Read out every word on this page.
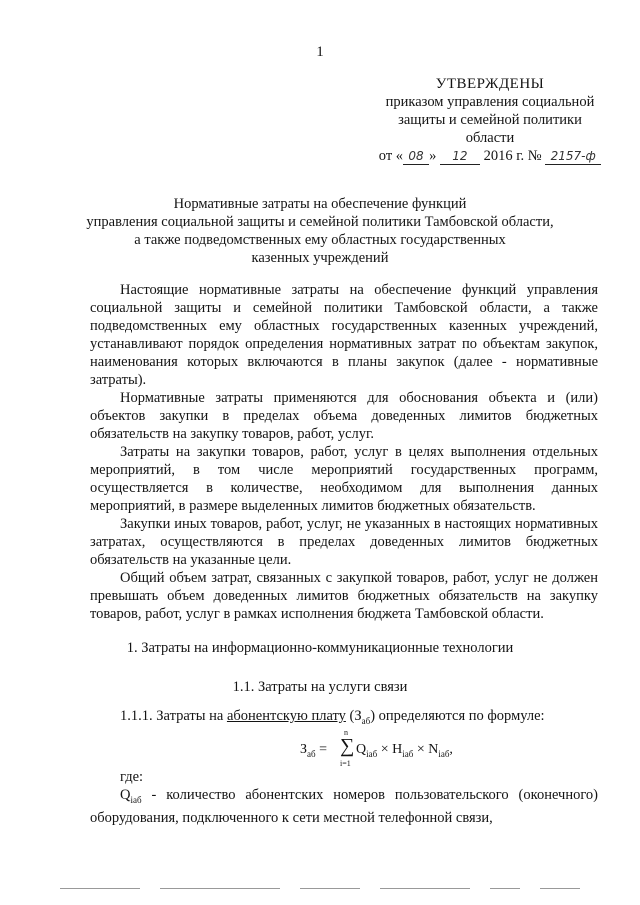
1
УТВЕРЖДЕНЫ
приказом управления социальной
защиты и семейной политики
области
от « 08 » 12 2016 г. № 2157-ф
Нормативные затраты на обеспечение функций
управления социальной защиты и семейной политики Тамбовской области,
а также подведомственных ему областных государственных
казенных учреждений

Настоящие нормативные затраты на обеспечение функций управления социальной защиты и семейной политики Тамбовской области, а также подведомственных ему областных государственных казенных учреждений, устанавливают порядок определения нормативных затрат по объектам закупок, наименования которых включаются в планы закупок (далее - нормативные затраты).

Нормативные затраты применяются для обоснования объекта и (или) объектов закупки в пределах объема доведенных лимитов бюджетных обязательств на закупку товаров, работ, услуг.

Затраты на закупки товаров, работ, услуг в целях выполнения отдельных мероприятий, в том числе мероприятий государственных программ, осуществляется в количестве, необходимом для выполнения данных мероприятий, в размере выделенных лимитов бюджетных обязательств.

Закупки иных товаров, работ, услуг, не указанных в настоящих нормативных затратах, осуществляются в пределах доведенных лимитов бюджетных обязательств на указанные цели.

Общий объем затрат, связанных с закупкой товаров, работ, услуг не должен превышать объем доведенных лимитов бюджетных обязательств на закупку товаров, работ, услуг в рамках исполнения бюджета Тамбовской области.

1. Затраты на информационно-коммуникационные технологии
1.1. Затраты на услуги связи
1.1.1. Затраты на абонентскую плату $(З_{аб})$ определяются по формуле:
$З_{аб}$ =
n
∑
i=1
$Q_{iаб} \times H_{iаб} \times N_{iаб}$,

где:

$Q_{iаб}$ - количество абонентских номеров пользовательского (оконечного) оборудования, подключенного к сети местной телефонной связи,
